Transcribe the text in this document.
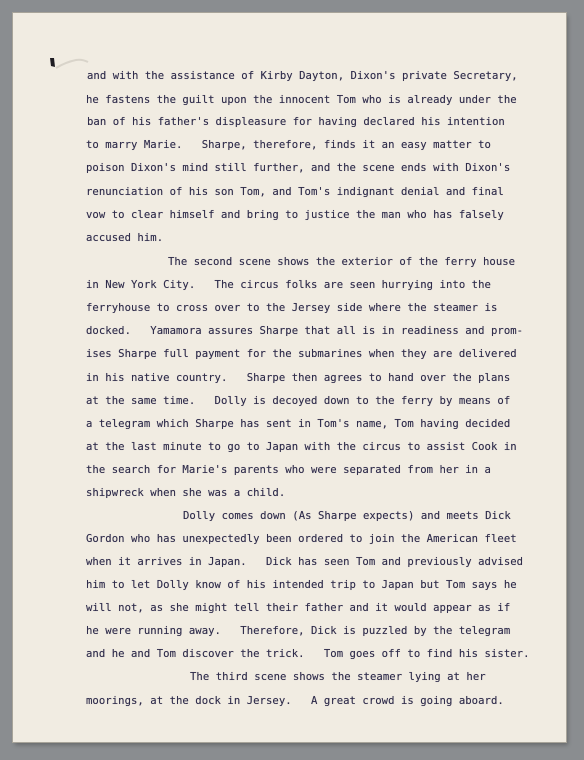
and with the assistance of Kirby Dayton, Dixon's private Secretary,
he fastens the guilt upon the innocent Tom who is already under the
ban of his father's displeasure for having declared his intention
to marry Marie.   Sharpe, therefore, finds it an easy matter to
poison Dixon's mind still further, and the scene ends with Dixon's
renunciation of his son Tom, and Tom's indignant denial and final
vow to clear himself and bring to justice the man who has falsely
accused him.
The second scene shows the exterior of the ferry house
in New York City.   The circus folks are seen hurrying into the
ferryhouse to cross over to the Jersey side where the steamer is
docked.   Yamamora assures Sharpe that all is in readiness and prom-
ises Sharpe full payment for the submarines when they are delivered
in his native country.   Sharpe then agrees to hand over the plans
at the same time.   Dolly is decoyed down to the ferry by means of
a telegram which Sharpe has sent in Tom's name, Tom having decided
at the last minute to go to Japan with the circus to assist Cook in
the search for Marie's parents who were separated from her in a
shipwreck when she was a child.
Dolly comes down (As Sharpe expects) and meets Dick
Gordon who has unexpectedly been ordered to join the American fleet
when it arrives in Japan.   Dick has seen Tom and previously advised
him to let Dolly know of his intended trip to Japan but Tom says he
will not, as she might tell their father and it would appear as if
he were running away.   Therefore, Dick is puzzled by the telegram
and he and Tom discover the trick.   Tom goes off to find his sister.
The third scene shows the steamer lying at her
moorings, at the dock in Jersey.   A great crowd is going aboard.
